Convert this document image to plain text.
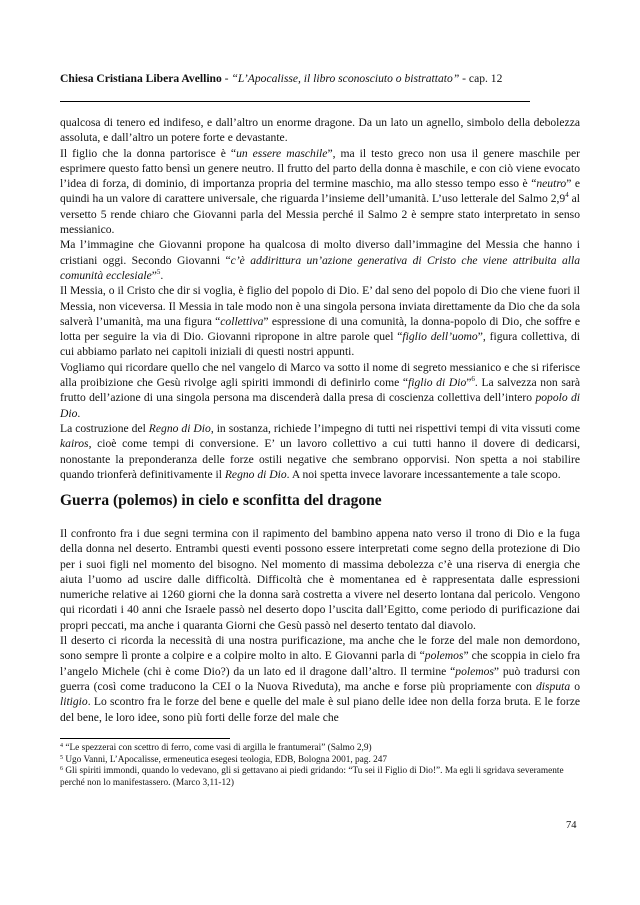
Chiesa Cristiana Libera Avellino - “L’Apocalisse, il libro sconosciuto o bistrattato” - cap. 12

qualcosa di tenero ed indifeso, e dall’altro un enorme dragone. Da un lato un agnello, simbolo della debolezza assoluta, e dall’altro un potere forte e devastante.

Il figlio che la donna partorisce è “un essere maschile”, ma il testo greco non usa il genere maschile per esprimere questo fatto bensì un genere neutro. Il frutto del parto della donna è maschile, e con ciò viene evocato l’idea di forza, di dominio, di importanza propria del termine maschio, ma allo stesso tempo esso è “neutro” e quindi ha un valore di carattere universale, che riguarda l’insieme dell’umanità. L’uso letterale del Salmo $2,9^4$ al versetto 5 rende chiaro che Giovanni parla del Messia perché il Salmo 2 è sempre stato interpretato in senso messianico.

Ma l’immagine che Giovanni propone ha qualcosa di molto diverso dall’immagine del Messia che hanno i cristiani oggi. Secondo Giovanni “c’è addirittura un’azione generativa di Cristo che viene attribuita alla comunità ecclesiale”$^5$.

Il Messia, o il Cristo che dir si voglia, è figlio del popolo di Dio. E’ dal seno del popolo di Dio che viene fuori il Messia, non viceversa. Il Messia in tale modo non è una singola persona inviata direttamente da Dio che da sola salverà l’umanità, ma una figura “collettiva” espressione di una comunità, la donna-popolo di Dio, che soffre e lotta per seguire la via di Dio. Giovanni ripropone in altre parole quel “figlio dell’uomo”, figura collettiva, di cui abbiamo parlato nei capitoli iniziali di questi nostri appunti.

Vogliamo qui ricordare quello che nel vangelo di Marco va sotto il nome di segreto messianico e che si riferisce alla proibizione che Gesù rivolge agli spiriti immondi di definirlo come “figlio di Dio”$^6$. La salvezza non sarà frutto dell’azione di una singola persona ma discenderà dalla presa di coscienza collettiva dell’intero popolo di Dio.

La costruzione del Regno di Dio, in sostanza, richiede l’impegno di tutti nei rispettivi tempi di vita vissuti come kairos, cioè come tempi di conversione. E’ un lavoro collettivo a cui tutti hanno il dovere di dedicarsi, nonostante la preponderanza delle forze ostili negative che sembrano opporvisi. Non spetta a noi stabilire quando trionferà definitivamente il Regno di Dio. A noi spetta invece lavorare incessantemente a tale scopo.

Guerra (polemos) in cielo e sconfitta del dragone

Il confronto fra i due segni termina con il rapimento del bambino appena nato verso il trono di Dio e la fuga della donna nel deserto. Entrambi questi eventi possono essere interpretati come segno della protezione di Dio per i suoi figli nel momento del bisogno. Nel momento di massima debolezza c’è una riserva di energia che aiuta l’uomo ad uscire dalle difficoltà. Difficoltà che è momentanea ed è rappresentata dalle espressioni numeriche relative ai 1260 giorni che la donna sarà costretta a vivere nel deserto lontana dal pericolo. Vengono qui ricordati i 40 anni che Israele passò nel deserto dopo l’uscita dall’Egitto, come periodo di purificazione dai propri peccati, ma anche i quaranta Giorni che Gesù passò nel deserto tentato dal diavolo.

Il deserto ci ricorda la necessità di una nostra purificazione, ma anche che le forze del male non demordono, sono sempre lì pronte a colpire e a colpire molto in alto. E Giovanni parla di “polemos” che scoppia in cielo fra l’angelo Michele (chi è come Dio?) da un lato ed il dragone dall’altro. Il termine “polemos” può tradursi con guerra (così come traducono la CEI o la Nuova Riveduta), ma anche e forse più propriamente con disputa o litigio. Lo scontro fra le forze del bene e quelle del male è sul piano delle idee non della forza bruta. E le forze del bene, le loro idee, sono più forti delle forze del male che

$^4$ “Le spezzerai con scettro di ferro, come vasi di argilla le frantumerai” (Salmo 2,9)

$^5$ Ugo Vanni, L’Apocalisse, ermeneutica esegesi teologia, EDB, Bologna 2001, pag. 247

$^6$ Gli spiriti immondi, quando lo vedevano, gli si gettavano ai piedi gridando: “Tu sei il Figlio di Dio!”. Ma egli li sgridava severamente perché non lo manifestassero. (Marco 3,11-12)

74
